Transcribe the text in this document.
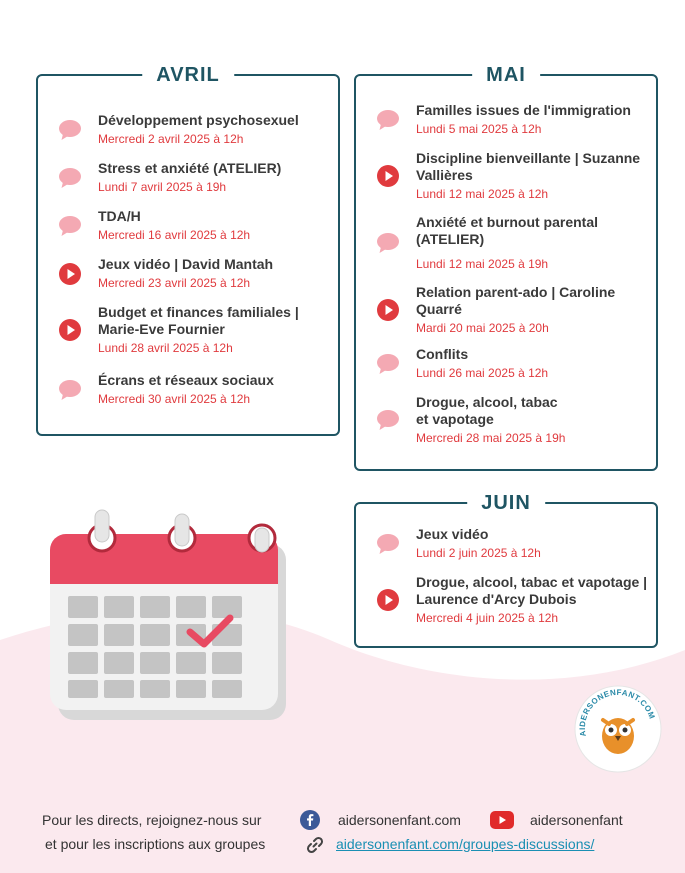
AVRIL
Développement psychosexuel
Mercredi 2 avril 2025 à 12h
Stress et anxiété (ATELIER)
Lundi 7 avril 2025 à 19h
TDA/H
Mercredi 16 avril 2025 à 12h
Jeux vidéo | David Mantah
Mercredi 23 avril 2025 à 12h
Budget et finances familiales | Marie-Eve Fournier
Lundi 28 avril 2025 à 12h
Écrans et réseaux sociaux
Mercredi 30 avril 2025 à 12h
MAI
Familles issues de l'immigration
Lundi 5 mai 2025 à 12h
Discipline bienveillante | Suzanne Vallières
Lundi 12 mai 2025 à 12h
Anxiété et burnout parental (ATELIER)
Lundi 12 mai 2025 à 19h
Relation parent-ado | Caroline Quarré
Mardi 20 mai 2025 à 20h
Conflits
Lundi 26 mai 2025 à 12h
Drogue, alcool, tabac et vapotage
Mercredi 28 mai 2025 à 19h
JUIN
Jeux vidéo
Lundi 2 juin 2025 à 12h
Drogue, alcool, tabac et vapotage | Laurence d'Arcy Dubois
Mercredi 4 juin 2025 à 12h
AIDERSONENFANT.COM
Pour les directs, rejoignez-nous sur	aidersonenfant.com	aidersonenfant
et pour les inscriptions aux groupes	aidersonenfant.com/groupes-discussions/
